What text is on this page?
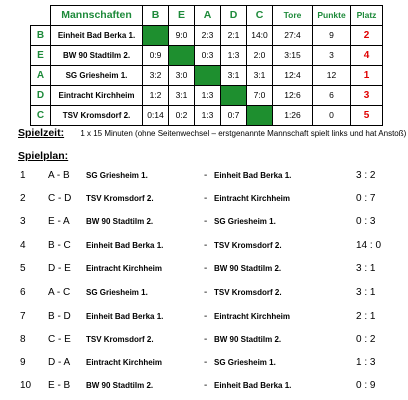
	Mannschaften	B	E	A	D	C	Tore	Punkte	Platz
B	Einheit Bad Berka 1.		9:0	2:3	2:1	14:0	27:4	9	2
E	BW 90 Stadtilm 2.	0:9		0:3	1:3	2:0	3:15	3	4
A	SG Griesheim 1.	3:2	3:0		3:1	3:1	12:4	12	1
D	Eintracht Kirchheim	1:2	3:1	1:3		7:0	12:6	6	3
C	TSV Kromsdorf 2.	0:14	0:2	1:3	0:7		1:26	0	5
Spielzeit: 1 x 15 Minuten (ohne Seitenwechsel – erstgenannte Mannschaft spielt links und hat Anstoß)
Spielplan:
1 A - B SG Griesheim 1.	- Einheit Bad Berka 1.	3 : 2
2 C - D TSV Kromsdorf 2.	- Eintracht Kirchheim	0 : 7
3 E - A BW 90 Stadtilm 2.	- SG Griesheim 1.	0 : 3
4 B - C Einheit Bad Berka 1.	- TSV Kromsdorf 2.	14 : 0
5 D - E Eintracht Kirchheim	- BW 90 Stadtilm 2.	3 : 1
6 A - C SG Griesheim 1.	- TSV Kromsdorf 2.	3 : 1
7 B - D Einheit Bad Berka 1.	- Eintracht Kirchheim	2 : 1
8 C - E TSV Kromsdorf 2.	- BW 90 Stadtilm 2.	0 : 2
9 D - A Eintracht Kirchheim	- SG Griesheim 1.	1 : 3
10 E - B BW 90 Stadtilm 2.	- Einheit Bad Berka 1.	0 : 9
